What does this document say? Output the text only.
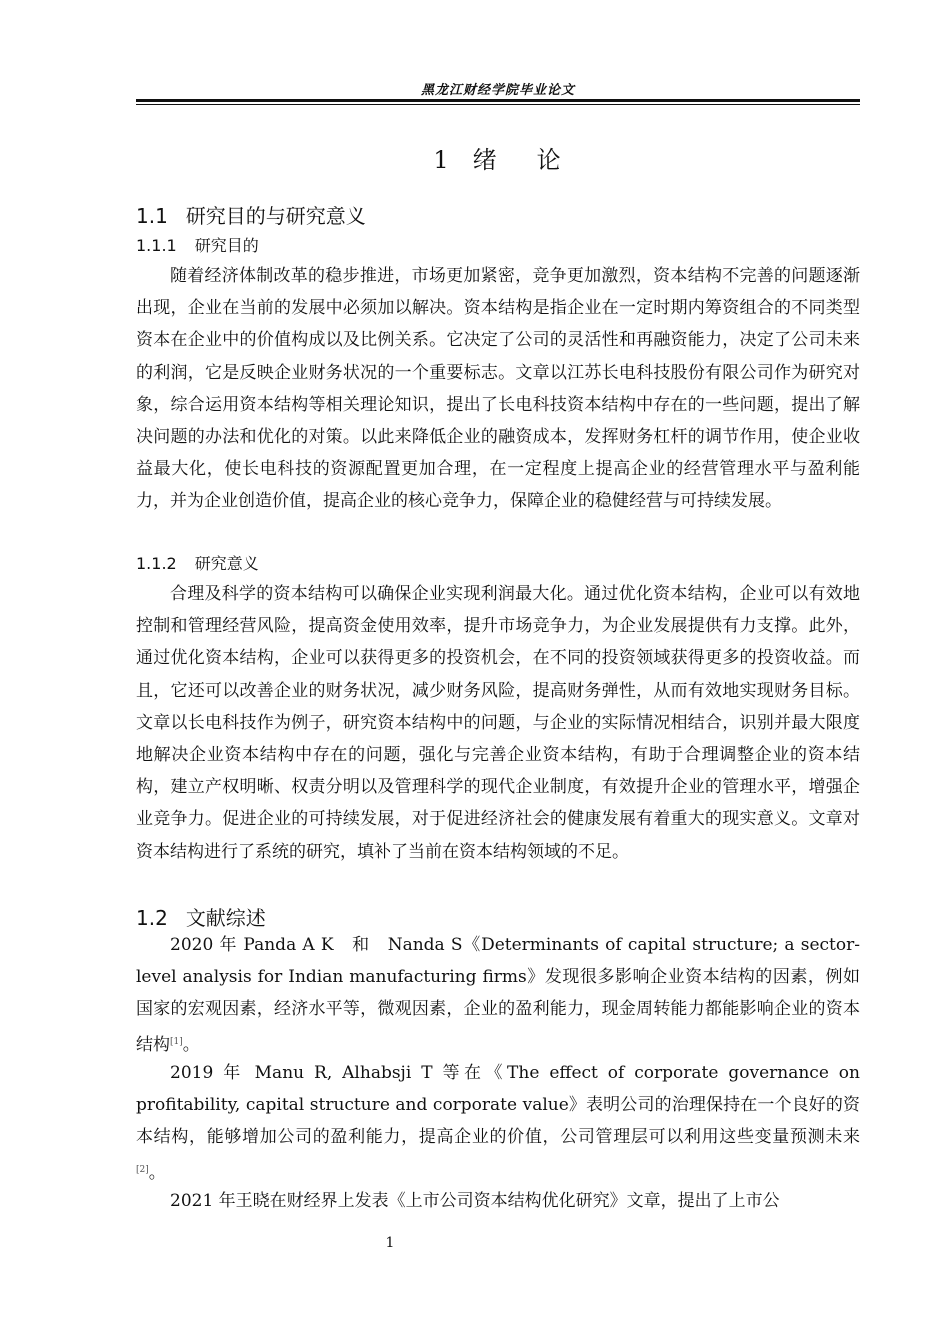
黑龙江财经学院毕业论文
1 绪 论
1.1 研究目的与研究意义
1.1.1 研究目的

随着经济体制改革的稳步推进，市场更加紧密，竞争更加激烈，资本结构不完善的问题逐渐出现，企业在当前的发展中必须加以解决。资本结构是指企业在一定时期内筹资组合的不同类型资本在企业中的价值构成以及比例关系。它决定了公司的灵活性和再融资能力，决定了公司未来的利润，它是反映企业财务状况的一个重要标志。文章以江苏长电科技股份有限公司作为研究对象，综合运用资本结构等相关理论知识，提出了长电科技资本结构中存在的一些问题，提出了解决问题的办法和优化的对策。以此来降低企业的融资成本，发挥财务杠杆的调节作用，使企业收益最大化，使长电科技的资源配置更加合理，在一定程度上提高企业的经营管理水平与盈利能力，并为企业创造价值，提高企业的核心竞争力，保障企业的稳健经营与可持续发展。

1.1.2 研究意义

合理及科学的资本结构可以确保企业实现利润最大化。通过优化资本结构，企业可以有效地控制和管理经营风险，提高资金使用效率，提升市场竞争力，为企业发展提供有力支撑。此外，通过优化资本结构，企业可以获得更多的投资机会，在不同的投资领域获得更多的投资收益。而且，它还可以改善企业的财务状况，减少财务风险，提高财务弹性，从而有效地实现财务目标。文章以长电科技作为例子，研究资本结构中的问题，与企业的实际情况相结合，识别并最大限度地解决企业资本结构中存在的问题，强化与完善企业资本结构，有助于合理调整企业的资本结构，建立产权明晰、权责分明以及管理科学的现代企业制度，有效提升企业的管理水平，增强企业竞争力。促进企业的可持续发展，对于促进经济社会的健康发展有着重大的现实意义。文章对资本结构进行了系统的研究，填补了当前在资本结构领域的不足。

1.2 文献综述

2020 年 Panda A K　和　Nanda S《Determinants of capital structure; a sector-level analysis for Indian manufacturing firms》发现很多影响企业资本结构的因素，例如国家的宏观因素，经济水平等，微观因素，企业的盈利能力，现金周转能力都能影响企业的资本结构[1]。

2019 年 Manu R, Alhabsji T 等在《The effect of corporate governance on profitability, capital structure and corporate value》表明公司的治理保持在一个良好的资本结构，能够增加公司的盈利能力，提高企业的价值，公司管理层可以利用这些变量预测未来[2]。

2021 年王晓在财经界上发表《上市公司资本结构优化研究》文章，提出了上市公

1
